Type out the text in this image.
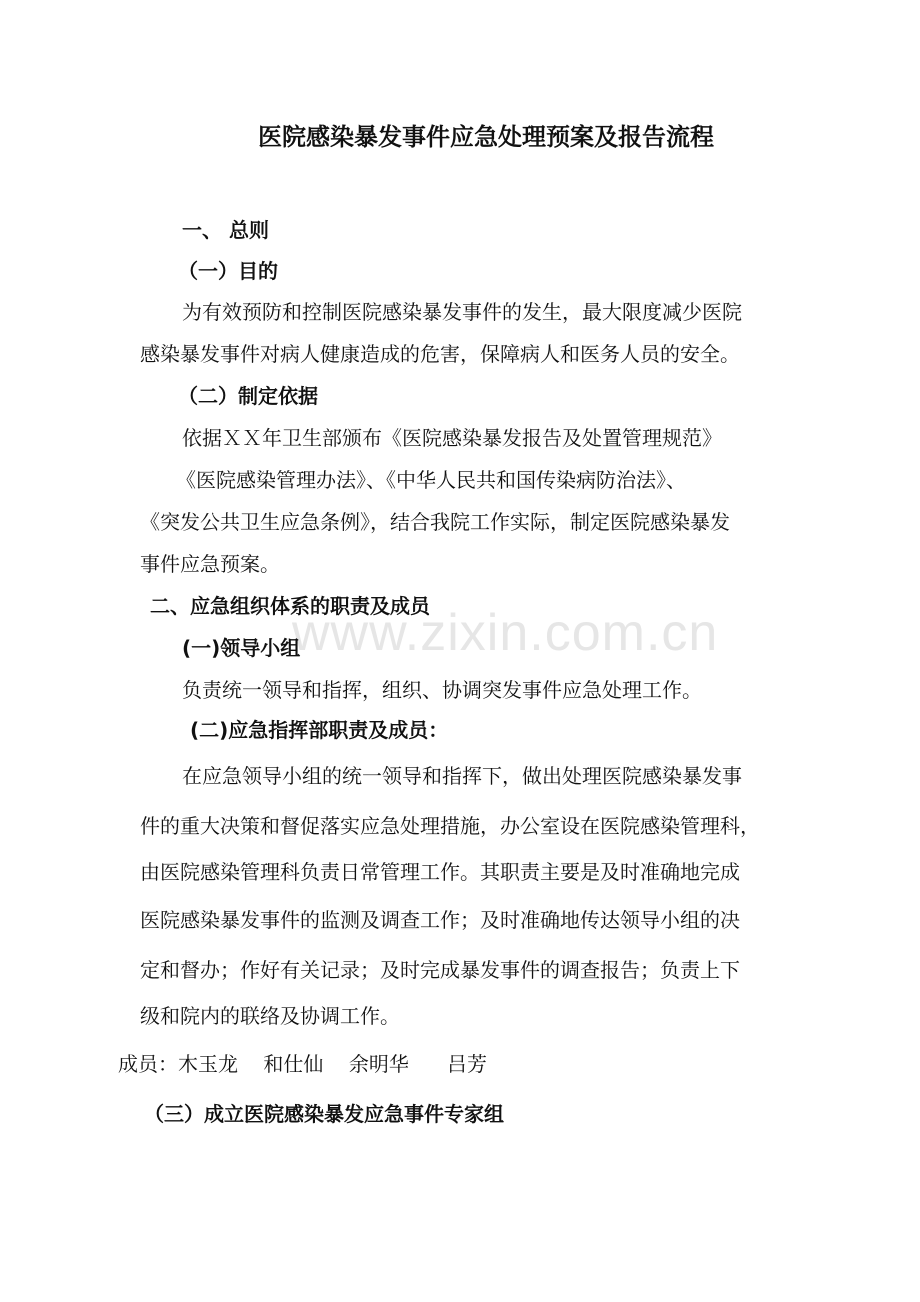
医院感染暴发事件应急处理预案及报告流程
一、 总则
（一）目的
为有效预防和控制医院感染暴发事件的发生，最大限度减少医院
感染暴发事件对病人健康造成的危害，保障病人和医务人员的安全。
（二）制定依据
依据ＸＸ年卫生部颁布《医院感染暴发报告及处置管理规范》
《医院感染管理办法》、《中华人民共和国传染病防治法》、
《突发公共卫生应急条例》，结合我院工作实际，制定医院感染暴发
事件应急预案。
二、应急组织体系的职责及成员
www.zixin.com.cn
(一)领导小组
负责统一领导和指挥，组织、协调突发事件应急处理工作。
(二)应急指挥部职责及成员：
在应急领导小组的统一领导和指挥下，做出处理医院感染暴发事
件的重大决策和督促落实应急处理措施，办公室设在医院感染管理科，
由医院感染管理科负责日常管理工作。其职责主要是及时准确地完成
医院感染暴发事件的监测及调查工作；及时准确地传达领导小组的决
定和督办；作好有关记录；及时完成暴发事件的调查报告；负责上下
级和院内的联络及协调工作。
成员：木玉龙    和仕仙    余明华      吕芳
（三）成立医院感染暴发应急事件专家组
